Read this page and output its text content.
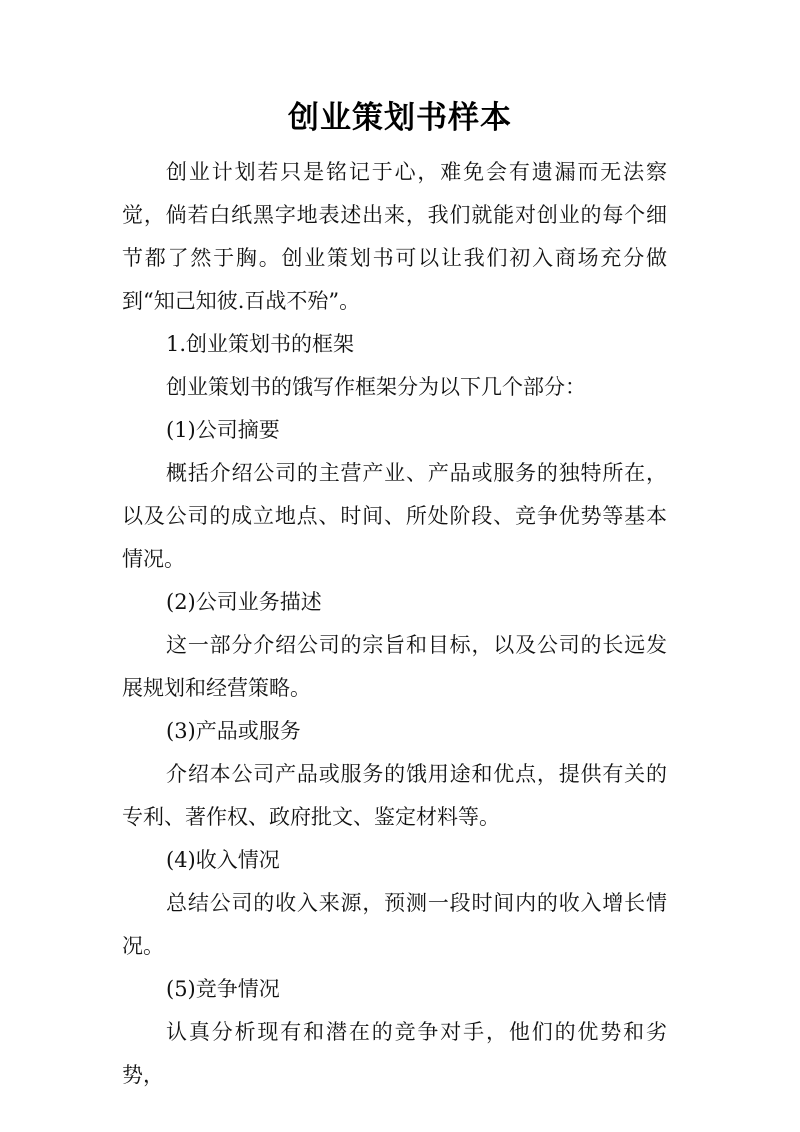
创业策划书样本

创业计划若只是铭记于心，难免会有遗漏而无法察觉，倘若白纸黑字地表述出来，我们就能对创业的每个细节都了然于胸。创业策划书可以让我们初入商场充分做到“知己知彼.百战不殆”。

1.创业策划书的框架

创业策划书的饿写作框架分为以下几个部分：

(1)公司摘要

概括介绍公司的主营产业、产品或服务的独特所在，以及公司的成立地点、时间、所处阶段、竞争优势等基本情况。

(2)公司业务描述

这一部分介绍公司的宗旨和目标，以及公司的长远发展规划和经营策略。

(3)产品或服务

介绍本公司产品或服务的饿用途和优点，提供有关的专利、著作权、政府批文、鉴定材料等。

(4)收入情况

总结公司的收入来源，预测一段时间内的收入增长情况。

(5)竞争情况

认真分析现有和潜在的竞争对手，他们的优势和劣势，
